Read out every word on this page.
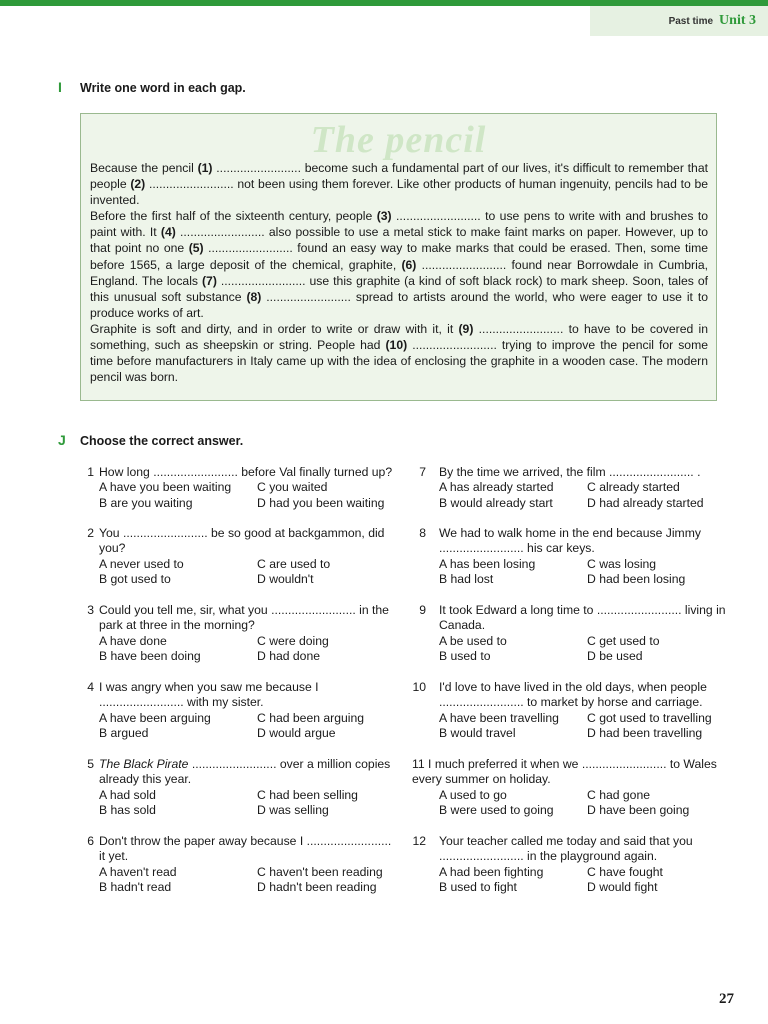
Past time Unit 3
I	Write one word in each gap.
The pencil

Because the pencil (1) ......................... become such a fundamental part of our lives, it's difficult to remember that people (2) ......................... not been using them forever. Like other products of human ingenuity, pencils had to be invented.

Before the first half of the sixteenth century, people (3) ......................... to use pens to write with and brushes to paint with. It (4) ......................... also possible to use a metal stick to make faint marks on paper. However, up to that point no one (5) ......................... found an easy way to make marks that could be erased. Then, some time before 1565, a large deposit of the chemical, graphite, (6) ......................... found near Borrowdale in Cumbria, England. The locals (7) ......................... use this graphite (a kind of soft black rock) to mark sheep. Soon, tales of this unusual soft substance (8) ......................... spread to artists around the world, who were eager to use it to produce works of art.

Graphite is soft and dirty, and in order to write or draw with it, it (9) ......................... to have to be covered in something, such as sheepskin or string. People had (10) ......................... trying to improve the pencil for some time before manufacturers in Italy came up with the idea of enclosing the graphite in a wooden case. The modern pencil was born.

J	Choose the correct answer.
1 How long ......................... before Val finally turned up?
A have you been waiting	C you waited
B are you waiting	D had you been waiting
2 You ......................... be so good at backgammon, did you?
A never used to	C are used to
B got used to	D wouldn't
3 Could you tell me, sir, what you ......................... in the park at three in the morning?
A have done	C were doing
B have been doing	D had done
4 I was angry when you saw me because I ......................... with my sister.
A have been arguing	C had been arguing
B argued	D would argue
5 The Black Pirate ......................... over a million copies already this year.
A had sold	C had been selling
B has sold	D was selling
6 Don't throw the paper away because I ......................... it yet.
A haven't read	C haven't been reading
B hadn't read	D hadn't been reading
7 By the time we arrived, the film ......................... .
A has already started	C already started
B would already start	D had already started
8 We had to walk home in the end because Jimmy ......................... his car keys.
A has been losing	C was losing
B had lost	D had been losing
9 It took Edward a long time to ......................... living in Canada.
A be used to	C get used to
B used to	D be used
10 I'd love to have lived in the old days, when people ......................... to market by horse and carriage.
A have been travelling	C got used to travelling
B would travel	D had been travelling
11 I much preferred it when we ......................... to Wales every summer on holiday.
A used to go	C had gone
B were used to going	D have been going
12 Your teacher called me today and said that you ......................... in the playground again.
A had been fighting	C have fought
B used to fight	D would fight
27
